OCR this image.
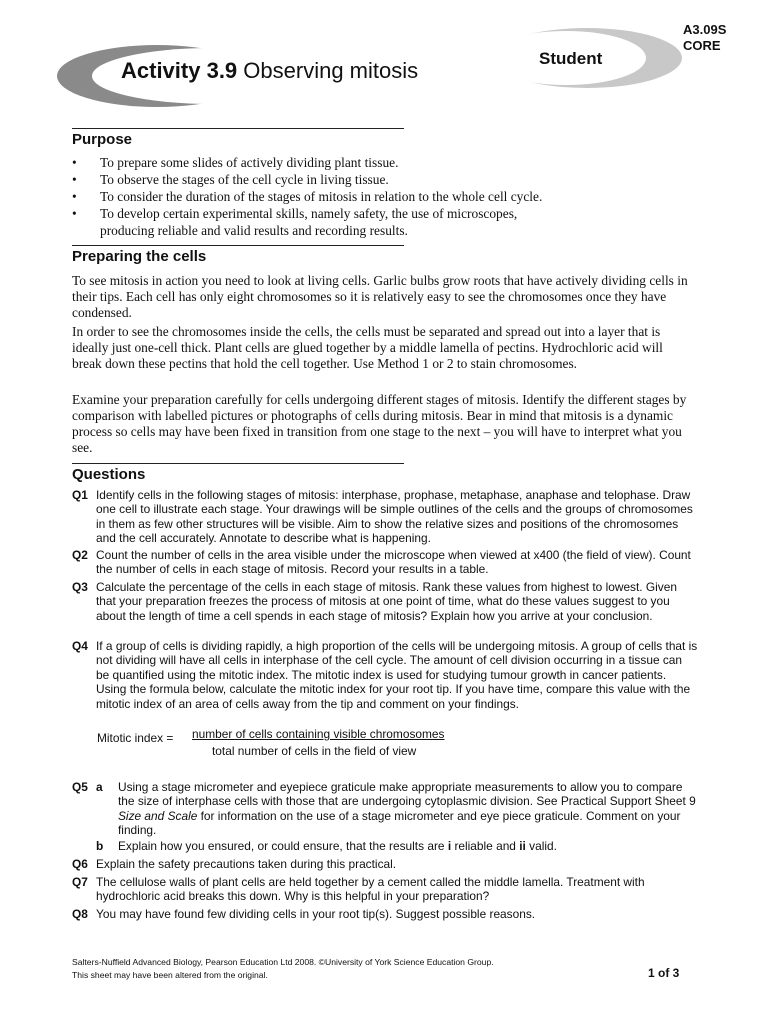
Activity 3.9 Observing mitosis	Student
A3.09S
CORE
Purpose
•	To prepare some slides of actively dividing plant tissue.
•	To observe the stages of the cell cycle in living tissue.
•	To consider the duration of the stages of mitosis in relation to the whole cell cycle.
•	To develop certain experimental skills, namely safety, the use of microscopes, producing reliable and valid results and recording results.
Preparing the cells
To see mitosis in action you need to look at living cells. Garlic bulbs grow roots that have actively dividing cells in their tips. Each cell has only eight chromosomes so it is relatively easy to see the chromosomes once they have condensed.
In order to see the chromosomes inside the cells, the cells must be separated and spread out into a layer that is ideally just one-cell thick. Plant cells are glued together by a middle lamella of pectins. Hydrochloric acid will break down these pectins that hold the cell together. Use Method 1 or 2 to stain chromosomes.
Examine your preparation carefully for cells undergoing different stages of mitosis. Identify the different stages by comparison with labelled pictures or photographs of cells during mitosis. Bear in mind that mitosis is a dynamic process so cells may have been fixed in transition from one stage to the next – you will have to interpret what you see.
Questions
Q1 Identify cells in the following stages of mitosis: interphase, prophase, metaphase, anaphase and telophase. Draw one cell to illustrate each stage. Your drawings will be simple outlines of the cells and the groups of chromosomes in them as few other structures will be visible. Aim to show the relative sizes and positions of the chromosomes and the cell accurately. Annotate to describe what is happening.
Q2 Count the number of cells in the area visible under the microscope when viewed at x400 (the field of view). Count the number of cells in each stage of mitosis. Record your results in a table.
Q3 Calculate the percentage of the cells in each stage of mitosis. Rank these values from highest to lowest. Given that your preparation freezes the process of mitosis at one point of time, what do these values suggest to you about the length of time a cell spends in each stage of mitosis? Explain how you arrive at your conclusion.
Q4 If a group of cells is dividing rapidly, a high proportion of the cells will be undergoing mitosis. A group of cells that is not dividing will have all cells in interphase of the cell cycle. The amount of cell division occurring in a tissue can be quantified using the mitotic index. The mitotic index is used for studying tumour growth in cancer patients. Using the formula below, calculate the mitotic index for your root tip. If you have time, compare this value with the mitotic index of an area of cells away from the tip and comment on your findings.
Mitotic index = number of cells containing visible chromosomes
total number of cells in the field of view
Q5 a	Using a stage micrometer and eyepiece graticule make appropriate measurements to allow you to compare the size of interphase cells with those that are undergoing cytoplasmic division. See Practical Support Sheet 9 Size and Scale for information on the use of a stage micrometer and eye piece graticule. Comment on your finding.
b	Explain how you ensured, or could ensure, that the results are i reliable and ii valid.
Q6 Explain the safety precautions taken during this practical.
Q7 The cellulose walls of plant cells are held together by a cement called the middle lamella. Treatment with hydrochloric acid breaks this down. Why is this helpful in your preparation?
Q8 You may have found few dividing cells in your root tip(s). Suggest possible reasons.
Salters-Nuffield Advanced Biology, Pearson Education Ltd 2008. ©University of York Science Education Group.
This sheet may have been altered from the original.	1 of 3
